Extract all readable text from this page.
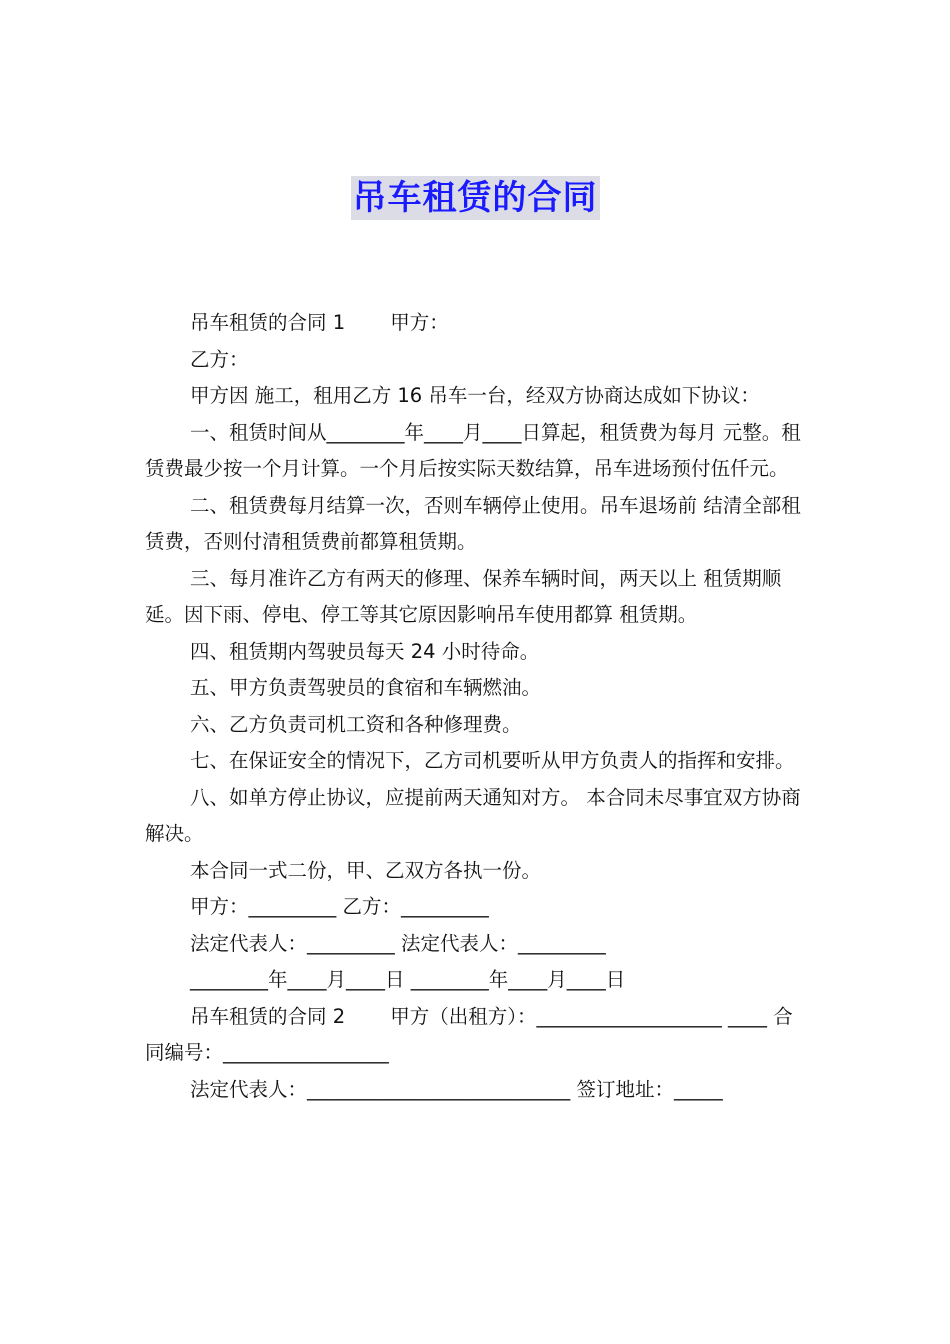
吊车租赁的合同

吊车租赁的合同 1　　 甲方：

乙方：

甲方因 施工，租用乙方 16 吊车一台，经双方协商达成如下协议：

一、租赁时间从________年____月____日算起，租赁费为每月 元整。租赁费最少按一个月计算。一个月后按实际天数结算，吊车进场预付伍仟元。

二、租赁费每月结算一次，否则车辆停止使用。吊车退场前 结清全部租赁费，否则付清租赁费前都算租赁期。

三、每月准许乙方有两天的修理、保养车辆时间，两天以上 租赁期顺延。因下雨、停电、停工等其它原因影响吊车使用都算 租赁期。

四、租赁期内驾驶员每天 24 小时待命。

五、甲方负责驾驶员的食宿和车辆燃油。

六、乙方负责司机工资和各种修理费。

七、在保证安全的情况下，乙方司机要听从甲方负责人的指挥和安排。

八、如单方停止协议，应提前两天通知对方。 本合同未尽事宜双方协商解决。

本合同一式二份，甲、乙双方各执一份。

甲方：_________ 乙方：_________

法定代表人：_________ 法定代表人：_________

________年____月____日 ________年____月____日

吊车租赁的合同 2　　 甲方（出租方）：___________________ ____ 合同编号：_________________

法定代表人：___________________________ 签订地址：_____
